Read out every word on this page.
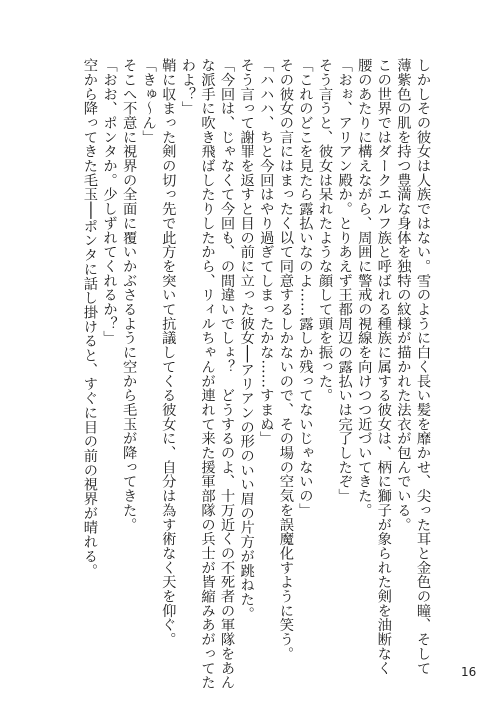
しかしその彼女は人族ではない。雪のように白く長い髪を靡かせ、尖った耳と金色の瞳、そして
薄紫色の肌を持つ豊満な身体を独特の紋様が描かれた法衣が包んでいる。
この世界ではダークエルフ族と呼ばれる種族に属する彼女は、柄に獅子が象られた剣を油断なく
腰のあたりに構えながら、周囲に警戒の視線を向けつつ近づいてきた。
「おぉ、アリアン殿か。とりあえず王都周辺の露払いは完了したぞ」
そう言うと、彼女は呆れたような顔して頭を振った。
「これのどこを見たら露払いなのよ……露しか残ってないじゃないの」
その彼女の言にはまったく以て同意するしかないので、その場の空気を誤魔化すように笑う。
「ハハハ、ちと今回はやり過ぎてしまったかな……すまぬ」
そう言って謝罪を返すと目の前に立った彼女──アリアンの形のいい眉の片方が跳ねた。
「今回は、じゃなくて今回も、の間違いでしょ？　どうするのよ、十万近くの不死者の軍隊をあん
な派手に吹き飛ばしたりしたから、リィルちゃんが連れて来た援軍部隊の兵士が皆縮みあがってた
わよ？」
鞘に収まった剣の切っ先で此方を突いて抗議してくる彼女に、自分は為す術なく天を仰ぐ。
「きゅ～ん」
そこへ不意に視界の全面に覆いかぶさるように空から毛玉が降ってきた。
「おお、ポンタか。少しずれてくれるか？」
空から降ってきた毛玉──ポンタに話し掛けると、すぐに目の前の視界が晴れる。
16
